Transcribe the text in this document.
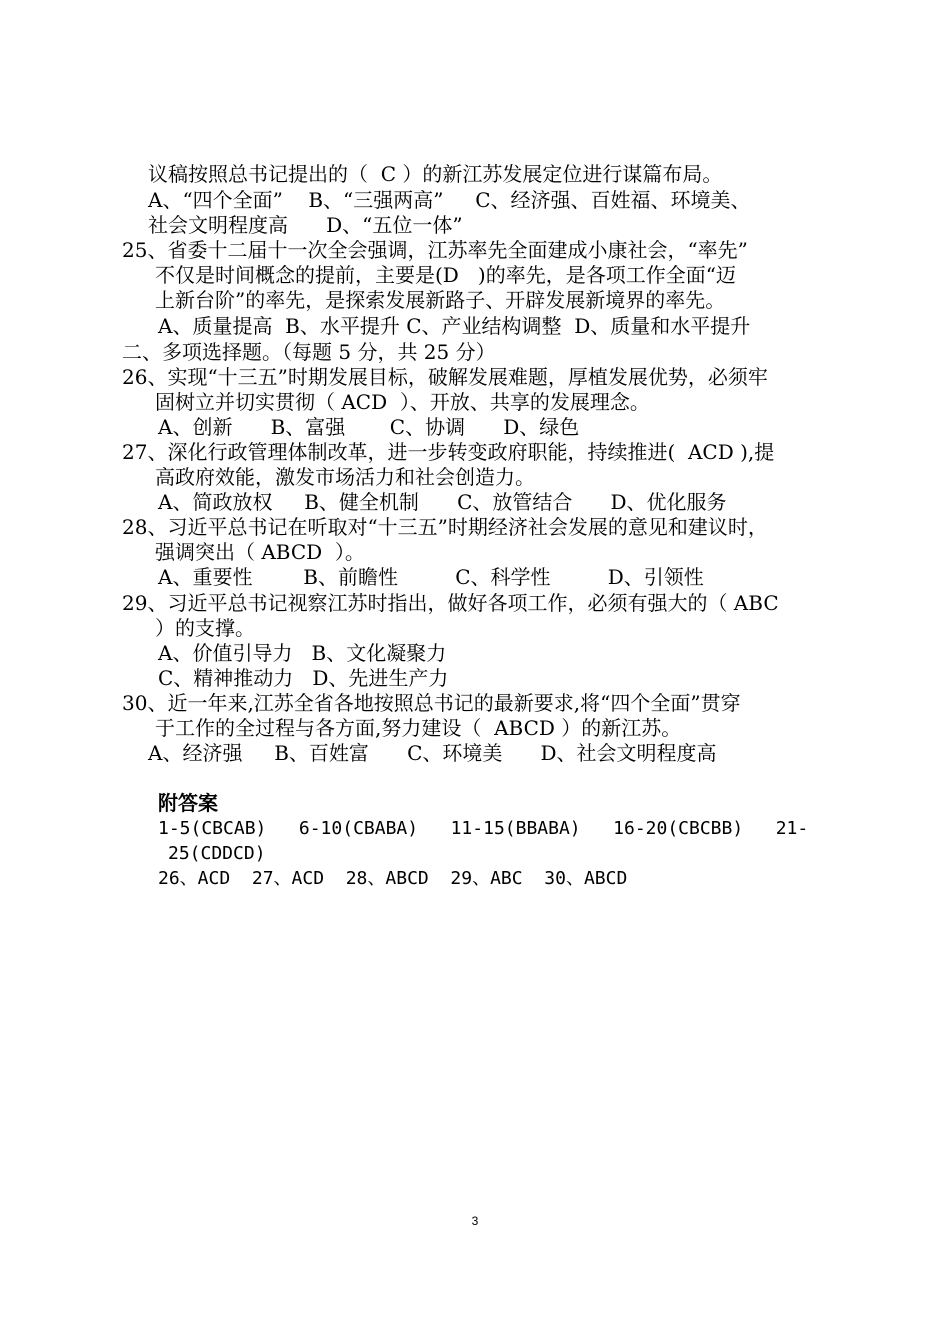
议稿按照总书记提出的（  C ）的新江苏发展定位进行谋篇布局。
A、“四个全面”    B、“三强两高”     C、经济强、百姓福、环境美、
社会文明程度高      D、“五位一体”
25、省委十二届十一次全会强调，江苏率先全面建成小康社会，“率先”
不仅是时间概念的提前，主要是(D   )的率先，是各项工作全面“迈
上新台阶”的率先，是探索发展新路子、开辟发展新境界的率先。
A、质量提高  B、水平提升 C、产业结构调整  D、质量和水平提升
二、多项选择题。（每题 5 分，共 25 分）
26、实现“十三五”时期发展目标，破解发展难题，厚植发展优势，必须牢
固树立并切实贯彻（ ACD  ）、开放、共享的发展理念。
A、创新      B、富强       C、协调      D、绿色
27、深化行政管理体制改革，进一步转变政府职能，持续推进(  ACD ),提
高政府效能，激发市场活力和社会创造力。
A、简政放权     B、健全机制      C、放管结合      D、优化服务
28、习近平总书记在听取对“十三五”时期经济社会发展的意见和建议时，
强调突出（ ABCD  ）。
A、重要性        B、前瞻性         C、科学性         D、引领性
29、习近平总书记视察江苏时指出，做好各项工作，必须有强大的（ ABC
）的支撑。
A、价值引导力   B、文化凝聚力
C、精神推动力   D、先进生产力
30、近一年来,江苏全省各地按照总书记的最新要求,将“四个全面”贯穿
于工作的全过程与各方面,努力建设（  ABCD ）的新江苏。
A、经济强     B、百姓富      C、环境美      D、社会文明程度高
附答案
1-5(CBCAB)   6-10(CBABA)   11-15(BBABA)   16-20(CBCBB)   21-
25(CDDCD)
26、ACD  27、ACD  28、ABCD  29、ABC  30、ABCD
3
